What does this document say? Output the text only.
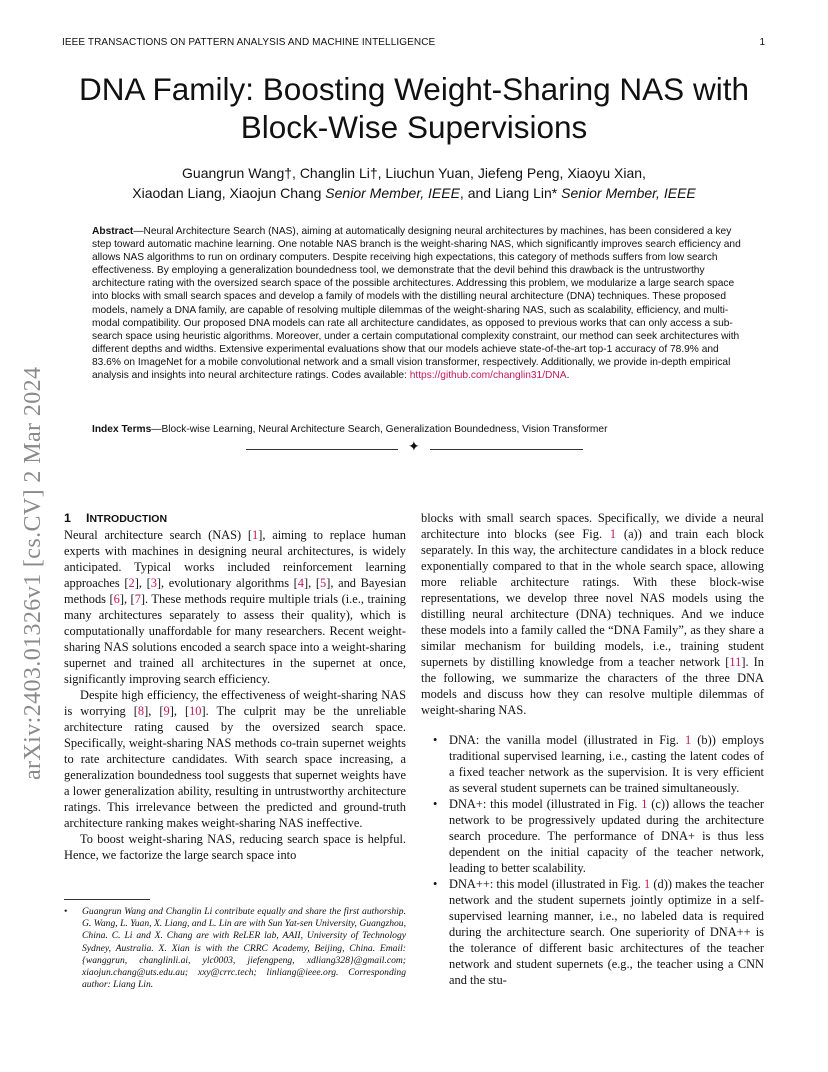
IEEE TRANSACTIONS ON PATTERN ANALYSIS AND MACHINE INTELLIGENCE	1
DNA Family: Boosting Weight-Sharing NAS with
Block-Wise Supervisions
Guangrun Wang†, Changlin Li†, Liuchun Yuan, Jiefeng Peng, Xiaoyu Xian,
Xiaodan Liang, Xiaojun Chang Senior Member, IEEE, and Liang Lin* Senior Member, IEEE
Abstract—Neural Architecture Search (NAS), aiming at automatically designing neural architectures by machines, has been considered a key step toward automatic machine learning. One notable NAS branch is the weight-sharing NAS, which significantly improves search efficiency and allows NAS algorithms to run on ordinary computers. Despite receiving high expectations, this category of methods suffers from low search effectiveness. By employing a generalization boundedness tool, we demonstrate that the devil behind this drawback is the untrustworthy architecture rating with the oversized search space of the possible architectures. Addressing this problem, we modularize a large search space into blocks with small search spaces and develop a family of models with the distilling neural architecture (DNA) techniques. These proposed models, namely a DNA family, are capable of resolving multiple dilemmas of the weight-sharing NAS, such as scalability, efficiency, and multi-modal compatibility. Our proposed DNA models can rate all architecture candidates, as opposed to previous works that can only access a sub- search space using heuristic algorithms. Moreover, under a certain computational complexity constraint, our method can seek architectures with different depths and widths. Extensive experimental evaluations show that our models achieve state-of-the-art top-1 accuracy of 78.9% and 83.6% on ImageNet for a mobile convolutional network and a small vision transformer, respectively. Additionally, we provide in-depth empirical analysis and insights into neural architecture ratings. Codes available: https://github.com/changlin31/DNA.
Index Terms—Block-wise Learning, Neural Architecture Search, Generalization Boundedness, Vision Transformer
✦
arXiv:2403.01326v1 [cs.CV] 2 Mar 2024 1 INTRODUCTION

Neural architecture search (NAS) [1], aiming to replace human experts with machines in designing neural architectures, is widely anticipated. Typical works included reinforcement learning approaches [2], [3], evolutionary algorithms [4], [5], and Bayesian methods [6], [7]. These methods require multiple trials (i.e., training many architectures separately to assess their quality), which is computationally unaffordable for many researchers. Recent weight-sharing NAS solutions encoded a search space into a weight-sharing supernet and trained all architectures in the supernet at once, significantly improving search efficiency.

Despite high efficiency, the effectiveness of weight-sharing NAS is worrying [8], [9], [10]. The culprit may be the unreliable architecture rating caused by the oversized search space. Specifically, weight-sharing NAS methods co-train supernet weights to rate architecture candidates. With search space increasing, a generalization boundedness tool suggests that supernet weights have a lower generalization ability, resulting in untrustworthy architecture ratings. This irrelevance between the predicted and ground-truth architecture ranking makes weight-sharing NAS ineffective.

To boost weight-sharing NAS, reducing search space is helpful. Hence, we factorize the large search space into

•	Guangrun Wang and Changlin Li contribute equally and share the first authorship. G. Wang, L. Yuan, X. Liang, and L. Lin are with Sun Yat-sen University, Guangzhou, China. C. Li and X. Chang are with ReLER lab, AAII, University of Technology Sydney, Australia. X. Xian is with the CRRC Academy, Beijing, China. Email: {wanggrun, changlinli.ai, ylc0003, jiefengpeng, xdliang328}@gmail.com; xiaojun.chang@uts.edu.au; xxy@crrc.tech; linliang@ieee.org. Corresponding author: Liang Lin.

blocks with small search spaces. Specifically, we divide a neural architecture into blocks (see Fig. 1 (a)) and train each block separately. In this way, the architecture candidates in a block reduce exponentially compared to that in the whole search space, allowing more reliable architecture ratings. With these block-wise representations, we develop three novel NAS models using the distilling neural architecture (DNA) techniques. And we induce these models into a family called the “DNA Family”, as they share a similar mechanism for building models, i.e., training student supernets by distilling knowledge from a teacher network [11]. In the following, we summarize the characters of the three DNA models and discuss how they can resolve multiple dilemmas of weight-sharing NAS.

• DNA: the vanilla model (illustrated in Fig. 1 (b)) employs traditional supervised learning, i.e., casting the latent codes of a fixed teacher network as the supervision. It is very efficient as several student supernets can be trained simultaneously.
• DNA+: this model (illustrated in Fig. 1 (c)) allows the teacher network to be progressively updated during the architecture search procedure. The performance of DNA+ is thus less dependent on the initial capacity of the teacher network, leading to better scalability.
• DNA++: this model (illustrated in Fig. 1 (d)) makes the teacher network and the student supernets jointly optimize in a self-supervised learning manner, i.e., no labeled data is required during the architecture search. One superiority of DNA++ is the tolerance of different basic architectures of the teacher network and student supernets (e.g., the teacher using a CNN and the stu-
